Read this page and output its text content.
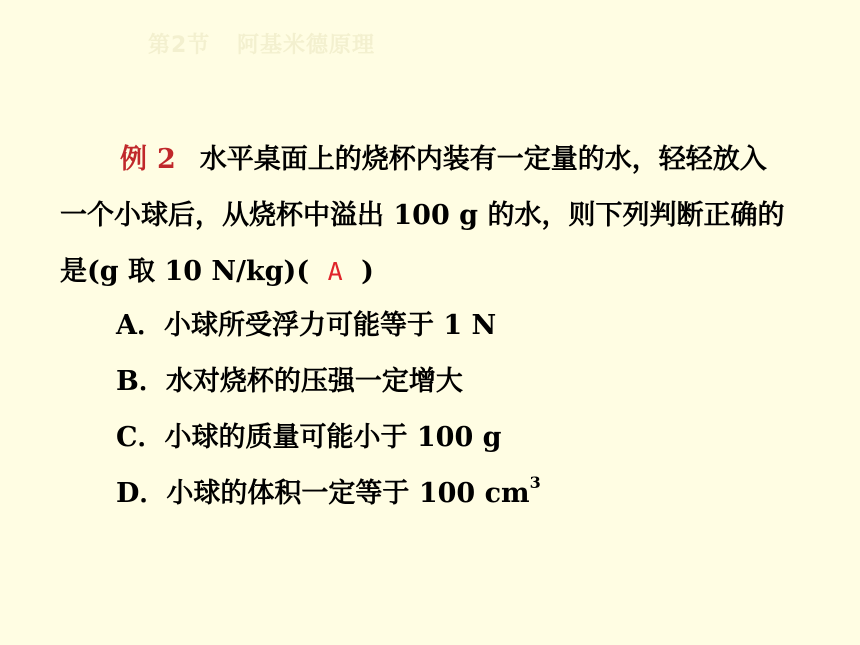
第2节 阿基米德原理
例 2 水平桌面上的烧杯内装有一定量的水，轻轻放入
一个小球后，从烧杯中溢出 100 g 的水，则下列判断正确的
是(g 取 10 N/kg)( A )
A．小球所受浮力可能等于 1 N
B．水对烧杯的压强一定增大
C．小球的质量可能小于 100 g
D．小球的体积一定等于 100 $cm^3$
